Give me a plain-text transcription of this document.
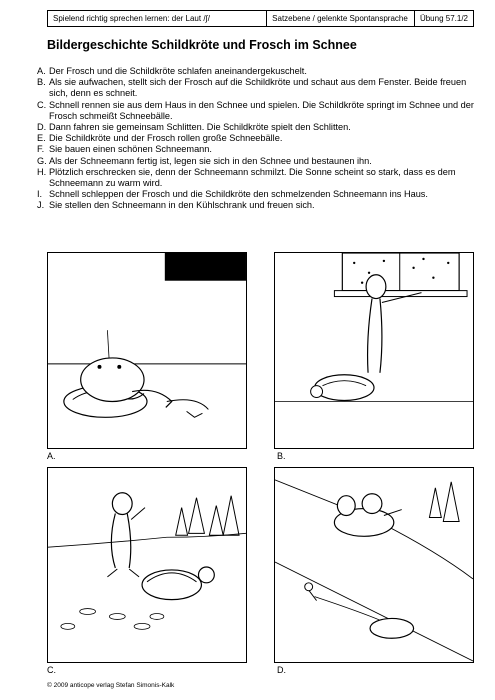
Spielend richtig sprechen lernen: der Laut /∫/	Satzebene / gelenkte Spontansprache	Übung 57.1/2
Bildergeschichte Schildkröte und Frosch im Schnee
A. Der Frosch und die Schildkröte schlafen aneinandergekuschelt.
B. Als sie aufwachen, stellt sich der Frosch auf die Schildkröte und schaut aus dem Fenster. Beide freuen sich, denn es schneit.
C. Schnell rennen sie aus dem Haus in den Schnee und spielen. Die Schildkröte springt im Schnee und der Frosch schmeißt Schneebälle.
D. Dann fahren sie gemeinsam Schlitten. Die Schildkröte spielt den Schlitten.
E. Die Schildkröte und der Frosch rollen große Schneebälle.
F. Sie bauen einen schönen Schneemann.
G. Als der Schneemann fertig ist, legen sie sich in den Schnee und bestaunen ihn.
H. Plötzlich erschrecken sie, denn der Schneemann schmilzt. Die Sonne scheint so stark, dass es dem Schneemann zu warm wird.
I. Schnell schleppen der Frosch und die Schildkröte den schmelzenden Schneemann ins Haus.
J. Sie stellen den Schneemann in den Kühlschrank und freuen sich.
A.	B.
C.	D.
© 2009 anticope verlag Stefan Simonis-Kalk
